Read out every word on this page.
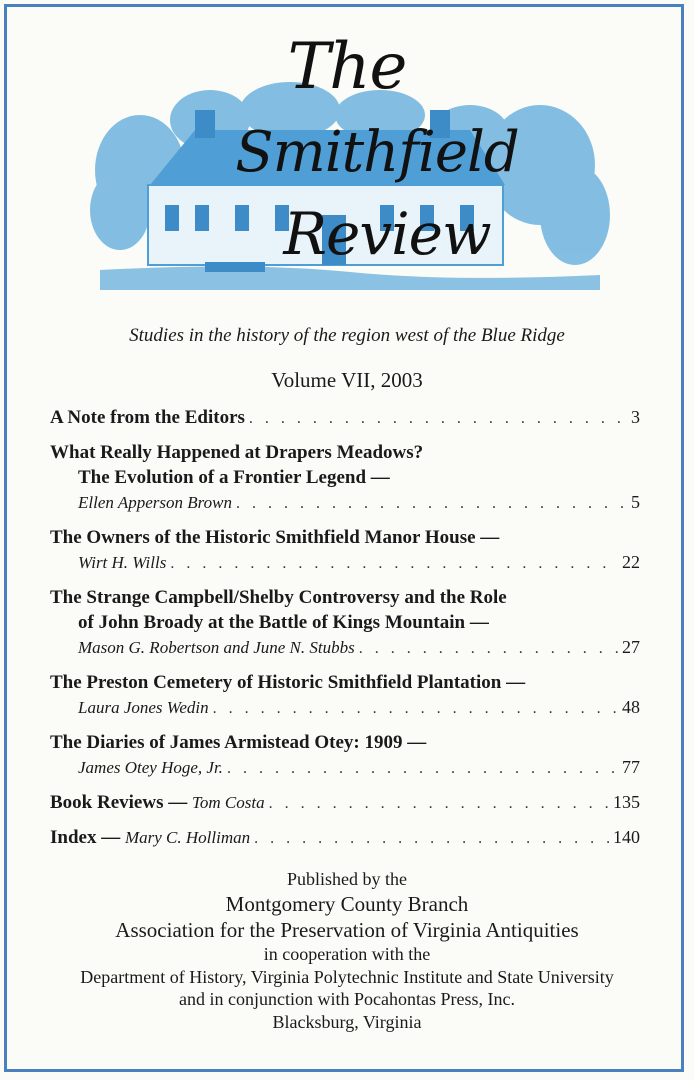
The
Smithfield
Review
Studies in the history of the region west of the Blue Ridge
Volume VII, 2003
A Note from the Editors . . .	3
What Really Happened at Drapers Meadows?
The Evolution of a Frontier Legend —
Ellen Apperson Brown . . .	5
The Owners of the Historic Smithfield Manor House —
Wirt H. Wills . . .	22
The Strange Campbell/Shelby Controversy and the Role
of John Broady at the Battle of Kings Mountain —
Mason G. Robertson and June N. Stubbs . . .	27
The Preston Cemetery of Historic Smithfield Plantation —
Laura Jones Wedin . . .	48
The Diaries of James Armistead Otey: 1909 —
James Otey Hoge, Jr. . . .	77
Book Reviews —
Tom Costa . . .	135
Index —
Mary C. Holliman . . .	140
Published by the
Montgomery County Branch
Association for the Preservation of Virginia Antiquities
in cooperation with the
Department of History, Virginia Polytechnic Institute and State University
and in conjunction with Pocahontas Press, Inc.
Blacksburg, Virginia
